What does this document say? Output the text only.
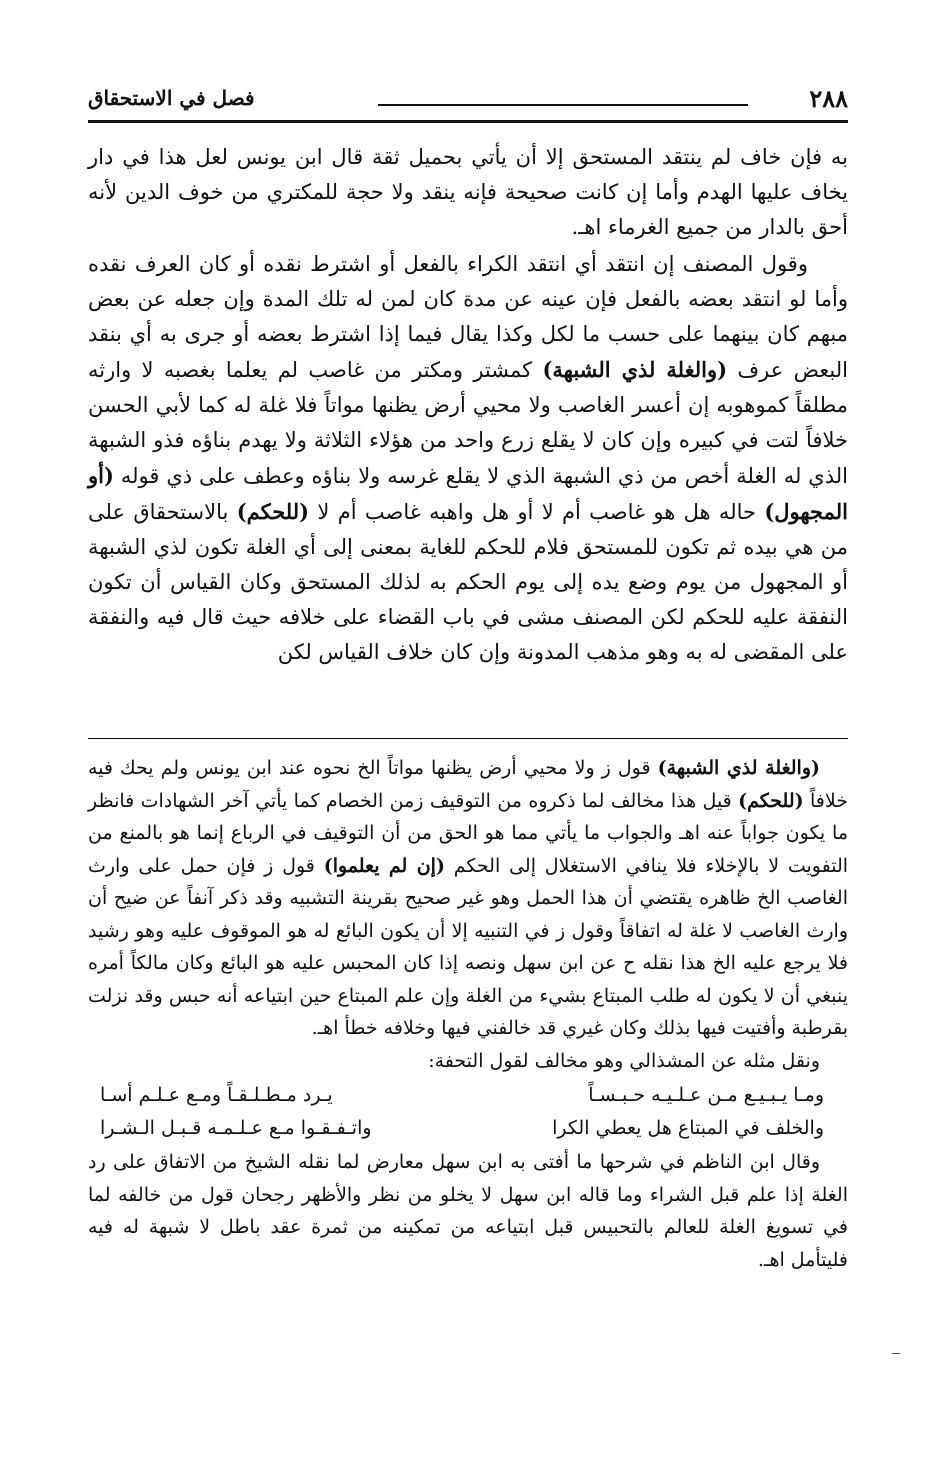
٢٨٨
فصل في الاستحقاق

به فإن خاف لم ينتقد المستحق إلا أن يأتي بحميل ثقة قال ابن يونس لعل هذا في دار يخاف عليها الهدم وأما إن كانت صحيحة فإنه ينقد ولا حجة للمكتري من خوف الدين لأنه أحق بالدار من جميع الغرماء اهـ.

وقول المصنف إن انتقد أي انتقد الكراء بالفعل أو اشترط نقده أو كان العرف نقده وأما لو انتقد بعضه بالفعل فإن عينه عن مدة كان لمن له تلك المدة وإن جعله عن بعض مبهم كان بينهما على حسب ما لكل وكذا يقال فيما إذا اشترط بعضه أو جرى به أي بنقد البعض عرف (والغلة لذي الشبهة) كمشتر ومكتر من غاصب لم يعلما بغصبه لا وارثه مطلقاً كموهوبه إن أعسر الغاصب ولا محيي أرض يظنها مواتاً فلا غلة له كما لأبي الحسن خلافاً لتت في كبيره وإن كان لا يقلع زرع واحد من هؤلاء الثلاثة ولا يهدم بناؤه فذو الشبهة الذي له الغلة أخص من ذي الشبهة الذي لا يقلع غرسه ولا بناؤه وعطف على ذي قوله (أو المجهول) حاله هل هو غاصب أم لا أو هل واهبه غاصب أم لا (للحكم) بالاستحقاق على من هي بيده ثم تكون للمستحق فلام للحكم للغاية بمعنى إلى أي الغلة تكون لذي الشبهة أو المجهول من يوم وضع يده إلى يوم الحكم به لذلك المستحق وكان القياس أن تكون النفقة عليه للحكم لكن المصنف مشى في باب القضاء على خلافه حيث قال فيه والنفقة على المقضى له به وهو مذهب المدونة وإن كان خلاف القياس لكن

(والغلة لذي الشبهة) قول ز ولا محيي أرض يظنها مواتاً الخ نحوه عند ابن يونس ولم يحك فيه خلافاً (للحكم) قيل هذا مخالف لما ذكروه من التوقيف زمن الخصام كما يأتي آخر الشهادات فانظر ما يكون جواباً عنه اهـ والجواب ما يأتي مما هو الحق من أن التوقيف في الرباع إنما هو بالمنع من التفويت لا بالإخلاء فلا ينافي الاستغلال إلى الحكم (إن لم يعلموا) قول ز فإن حمل على وارث الغاصب الخ ظاهره يقتضي أن هذا الحمل وهو غير صحيح بقرينة التشبيه وقد ذكر آنفاً عن ضيح أن وارث الغاصب لا غلة له اتفاقاً وقول ز في التنبيه إلا أن يكون البائع له هو الموقوف عليه وهو رشيد فلا يرجع عليه الخ هذا نقله ح عن ابن سهل ونصه إذا كان المحبس عليه هو البائع وكان مالكاً أمره ينبغي أن لا يكون له طلب المبتاع بشيء من الغلة وإن علم المبتاع حين ابتياعه أنه حبس وقد نزلت بقرطبة وأفتيت فيها بذلك وكان غيري قد خالفني فيها وخلافه خطأ اهـ.

ونقل مثله عن المشذالي وهو مخالف لقول التحفة:

ومـا يـبـيـع مـن عـلـيـه حـبـسـاً
يـرد مـطـلـقـاً ومـع عـلـم أسـا
والخلف في المبتاع هل يعطي الكرا
واتـفـقـوا مـع عـلـمـه قـبـل الـشـرا

وقال ابن الناظم في شرحها ما أفتى به ابن سهل معارض لما نقله الشيخ من الاتفاق على رد الغلة إذا علم قبل الشراء وما قاله ابن سهل لا يخلو من نظر والأظهر رجحان قول من خالفه لما في تسويغ الغلة للعالم بالتحبيس قبل ابتياعه من تمكينه من ثمرة عقد باطل لا شبهة له فيه فليتأمل اهـ.
